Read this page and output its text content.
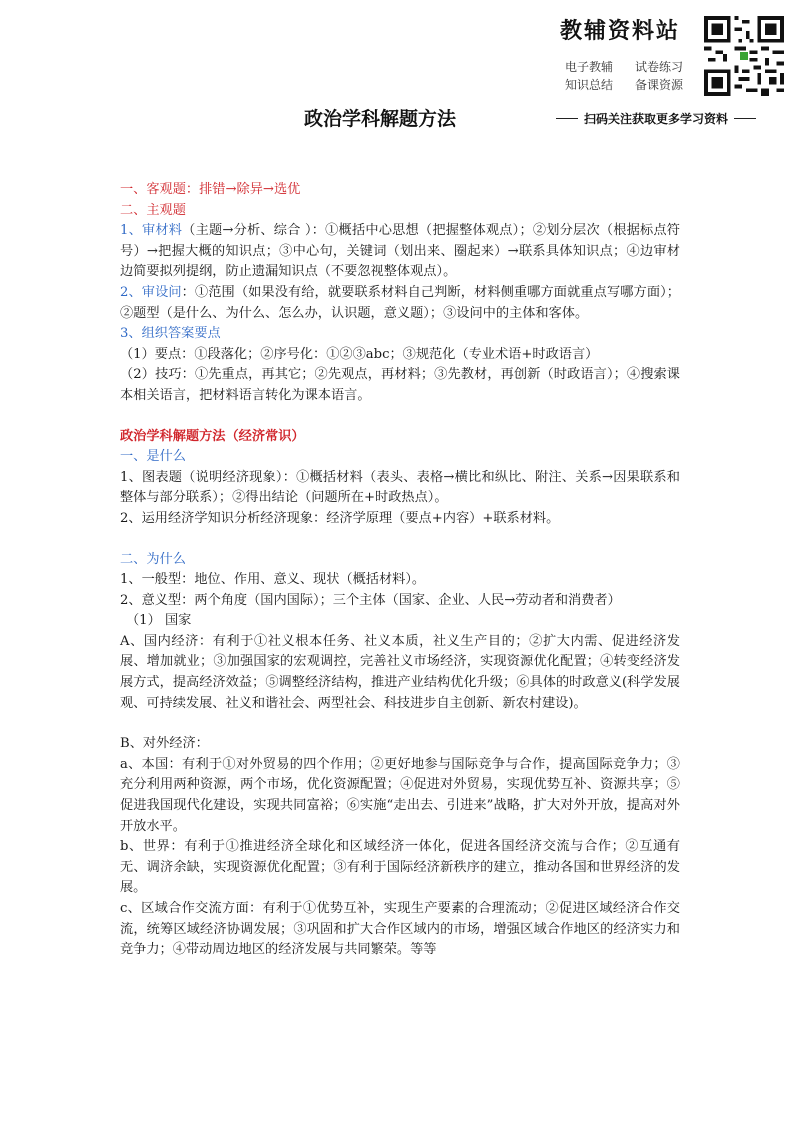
教辅资料站
电子教辅 试卷练习
知识总结 备课资源
政治学科解题方法	扫码关注获取更多学习资料

一、客观题：排错→除异→选优

二、主观题

1、审材料（主题→分析、综合 ）：①概括中心思想（把握整体观点）；②划分层次（根据标点符号）→把握大概的知识点；③中心句，关键词（划出来、圈起来）→联系具体知识点；④边审材边简要拟列提纲，防止遗漏知识点（不要忽视整体观点）。

2、审设问：①范围（如果没有给，就要联系材料自己判断，材料侧重哪方面就重点写哪方面）；②题型（是什么、为什么、怎么办，认识题，意义题）；③设问中的主体和客体。

3、组织答案要点

（1）要点：①段落化；②序号化：①②③abc；③规范化（专业术语+时政语言）

（2）技巧：①先重点，再其它；②先观点，再材料；③先教材，再创新（时政语言）；④搜索课本相关语言，把材料语言转化为课本语言。

政治学科解题方法（经济常识）

一、是什么

1、图表题（说明经济现象）：①概括材料（表头、表格→横比和纵比、附注、关系→因果联系和整体与部分联系）；②得出结论（问题所在+时政热点）。

2、运用经济学知识分析经济现象：经济学原理（要点+内容）+联系材料。

二、为什么

1、一般型：地位、作用、意义、现状（概括材料）。

2、意义型：两个角度（国内国际）；三个主体（国家、企业、人民→劳动者和消费者）

（1） 国家

A、国内经济：有利于①社义根本任务、社义本质，社义生产目的；②扩大内需、促进经济发展、增加就业；③加强国家的宏观调控，完善社义市场经济，实现资源优化配置；④转变经济发展方式，提高经济效益；⑤调整经济结构，推进产业结构优化升级；⑥具体的时政意义(科学发展观、可持续发展、社义和谐社会、两型社会、科技进步自主创新、新农村建设)。

B、对外经济：

a、本国：有利于①对外贸易的四个作用；②更好地参与国际竞争与合作，提高国际竞争力；③充分利用两种资源，两个市场，优化资源配置；④促进对外贸易，实现优势互补、资源共享；⑤促进我国现代化建设，实现共同富裕；⑥实施“走出去、引进来”战略，扩大对外开放，提高对外开放水平。

b、世界：有利于①推进经济全球化和区域经济一体化，促进各国经济交流与合作；②互通有无、调济余缺，实现资源优化配置；③有利于国际经济新秩序的建立，推动各国和世界经济的发展。

c、区域合作交流方面：有利于①优势互补，实现生产要素的合理流动；②促进区域经济合作交流，统筹区域经济协调发展；③巩固和扩大合作区域内的市场，增强区域合作地区的经济实力和竞争力；④带动周边地区的经济发展与共同繁荣。等等
